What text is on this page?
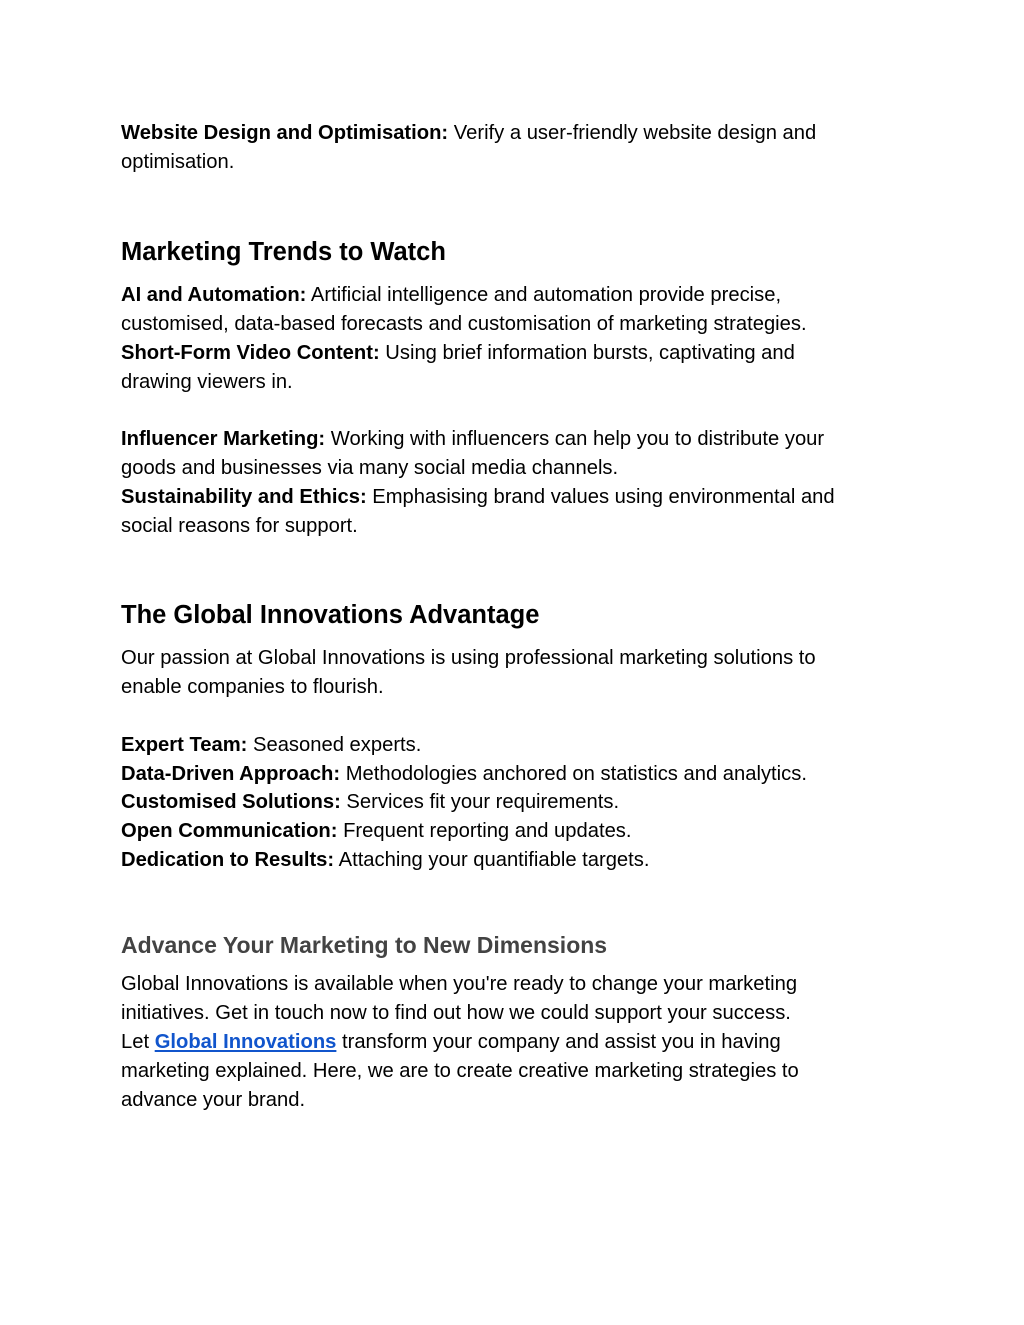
Website Design and Optimisation: Verify a user-friendly website design and
optimisation.
Marketing Trends to Watch
AI and Automation: Artificial intelligence and automation provide precise,
customised, data-based forecasts and customisation of marketing strategies.
Short-Form Video Content: Using brief information bursts, captivating and
drawing viewers in.
Influencer Marketing: Working with influencers can help you to distribute your
goods and businesses via many social media channels.
Sustainability and Ethics: Emphasising brand values using environmental and
social reasons for support.
The Global Innovations Advantage
Our passion at Global Innovations is using professional marketing solutions to
enable companies to flourish.
Expert Team: Seasoned experts.
Data-Driven Approach: Methodologies anchored on statistics and analytics.
Customised Solutions: Services fit your requirements.
Open Communication: Frequent reporting and updates.
Dedication to Results: Attaching your quantifiable targets.
Advance Your Marketing to New Dimensions
Global Innovations is available when you're ready to change your marketing
initiatives. Get in touch now to find out how we could support your success.
Let Global Innovations transform your company and assist you in having
marketing explained. Here, we are to create creative marketing strategies to
advance your brand.
